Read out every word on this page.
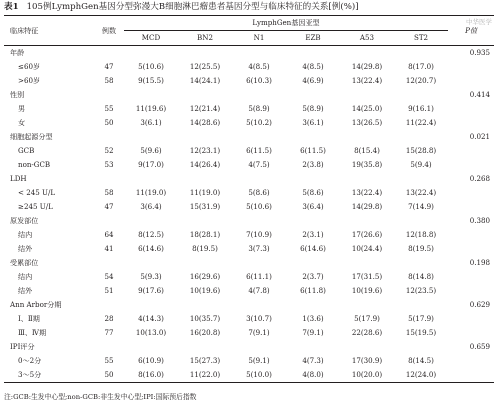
表1 105例LymphGen基因分型弥漫大B细胞淋巴瘤患者基因分型与临床特征的关系[例(%)]
中华医学
临床特征	例数	LymphGen基因亚型						P值
		MCD	BN2	N1	EZB	A53	ST2	
年龄								0.935
≤60岁	47	5(10.6)	12(25.5)	4(8.5)	4(8.5)	14(29.8)	8(17.0)	
>60岁	58	9(15.5)	14(24.1)	6(10.3)	4(6.9)	13(22.4)	12(20.7)	
性别								0.414
男	55	11(19.6)	12(21.4)	5(8.9)	5(8.9)	14(25.0)	9(16.1)	
女	50	3(6.1)	14(28.6)	5(10.2)	3(6.1)	13(26.5)	11(22.4)	
细胞起源分型								0.021
GCB	52	5(9.6)	12(23.1)	6(11.5)	6(11.5)	8(15.4)	15(28.8)	
non-GCB	53	9(17.0)	14(26.4)	4(7.5)	2(3.8)	19(35.8)	5(9.4)	
LDH								0.268
< 245 U/L	58	11(19.0)	11(19.0)	5(8.6)	5(8.6)	13(22.4)	13(22.4)	
≥245 U/L	47	3(6.4)	15(31.9)	5(10.6)	3(6.4)	14(29.8)	7(14.9)	
原发部位								0.380
结内	64	8(12.5)	18(28.1)	7(10.9)	2(3.1)	17(26.6)	12(18.8)	
结外	41	6(14.6)	8(19.5)	3(7.3)	6(14.6)	10(24.4)	8(19.5)	
受累部位								0.198
结内	54	5(9.3)	16(29.6)	6(11.1)	2(3.7)	17(31.5)	8(14.8)	
结外	51	9(17.6)	10(19.6)	4(7.8)	6(11.8)	10(19.6)	12(23.5)	
Ann Arbor分期								0.629
Ⅰ、Ⅱ期	28	4(14.3)	10(35.7)	3(10.7)	1(3.6)	5(17.9)	5(17.9)	
Ⅲ、Ⅳ期	77	10(13.0)	16(20.8)	7(9.1)	7(9.1)	22(28.6)	15(19.5)	
IPI评分								0.659
0～2分	55	6(10.9)	15(27.3)	5(9.1)	4(7.3)	17(30.9)	8(14.5)	
3～5分	50	8(16.0)	11(22.0)	5(10.0)	4(8.0)	10(20.0)	12(24.0)	
注:GCB:生发中心型;non-GCB:非生发中心型;IPI:国际预后指数
